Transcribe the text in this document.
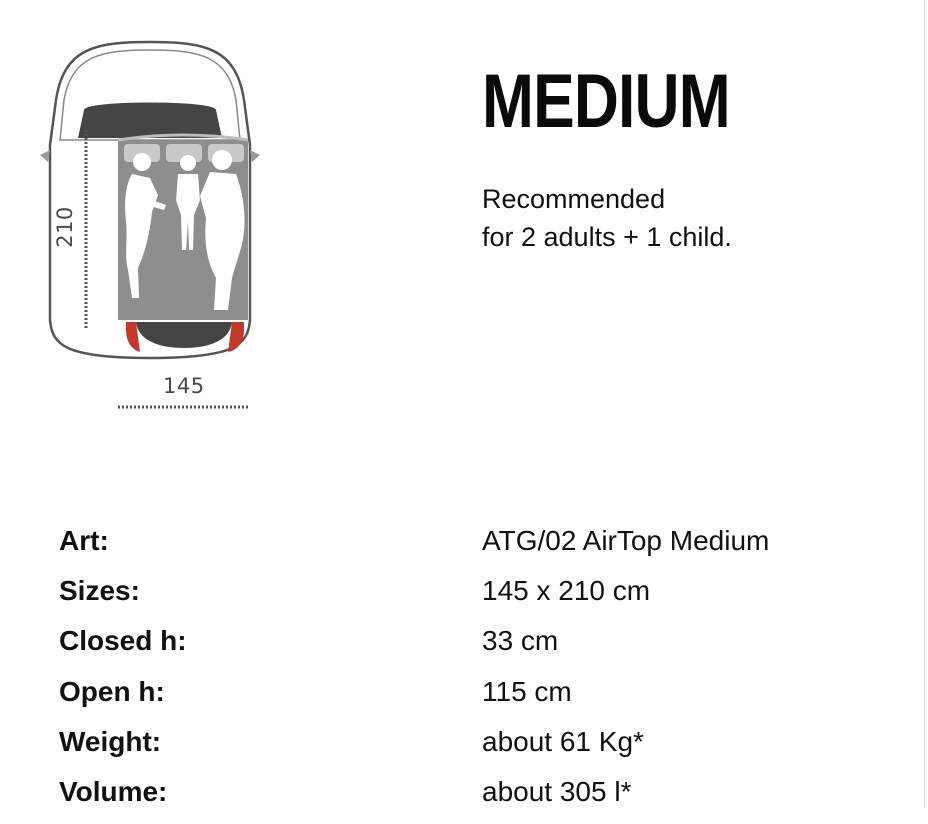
145
210
MEDIUM
Recommended
for 2 adults + 1 child.
Art:	ATG/02 AirTop Medium
Sizes:	145 x 210 cm
Closed h:	33 cm
Open h:	115 cm
Weight:	about 61 Kg*
Volume:	about 305 l*
